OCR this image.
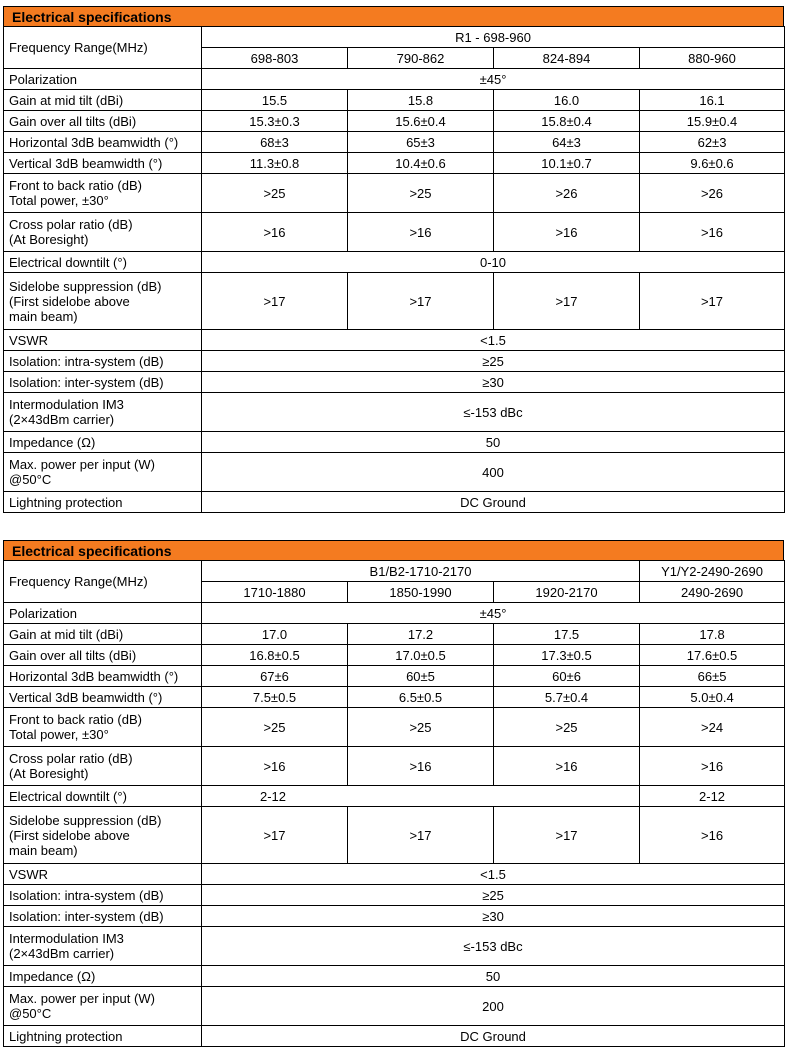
Electrical specifications
Frequency Range(MHz)	R1 - 698-960			
	698-803	790-862	824-894	880-960
Polarization	±45°			
Gain at mid tilt (dBi)	15.5	15.8	16.0	16.1
Gain over all tilts (dBi)	15.3±0.3	15.6±0.4	15.8±0.4	15.9±0.4
Horizontal 3dB beamwidth (°)	68±3	65±3	64±3	62±3
Vertical 3dB beamwidth (°)	11.3±0.8	10.4±0.6	10.1±0.7	9.6±0.6
Front to back ratio (dB)
Total power, ±30°	>25	>25	>26	>26
Cross polar ratio (dB)
(At Boresight)	>16	>16	>16	>16
Electrical downtilt (°)	0-10			
Sidelobe suppression (dB)
(First sidelobe above
main beam)	>17	>17	>17	>17
VSWR	<1.5			
Isolation: intra-system (dB)	≥25			
Isolation: inter-system (dB)	≥30			
Intermodulation IM3
(2×43dBm carrier)	≤-153 dBc			
Impedance (Ω)	50			
Max. power per input (W)
@50°C	400			
Lightning protection	DC Ground			
Electrical specifications
Frequency Range(MHz)	B1/B2-1710-2170			Y1/Y2-2490-2690
	1710-1880	1850-1990	1920-2170	2490-2690
Polarization	±45°			
Gain at mid tilt (dBi)	17.0	17.2	17.5	17.8
Gain over all tilts (dBi)	16.8±0.5	17.0±0.5	17.3±0.5	17.6±0.5
Horizontal 3dB beamwidth (°)	67±6	60±5	60±6	66±5
Vertical 3dB beamwidth (°)	7.5±0.5	6.5±0.5	5.7±0.4	5.0±0.4
Front to back ratio (dB)
Total power, ±30°	>25	>25	>25	>24
Cross polar ratio (dB)
(At Boresight)	>16	>16	>16	>16
Electrical downtilt (°)	2-12			2-12
Sidelobe suppression (dB)
(First sidelobe above
main beam)	>17	>17	>17	>16
VSWR	<1.5			
Isolation: intra-system (dB)	≥25			
Isolation: inter-system (dB)	≥30			
Intermodulation IM3
(2×43dBm carrier)	≤-153 dBc			
Impedance (Ω)	50			
Max. power per input (W)
@50°C	200			
Lightning protection	DC Ground			
